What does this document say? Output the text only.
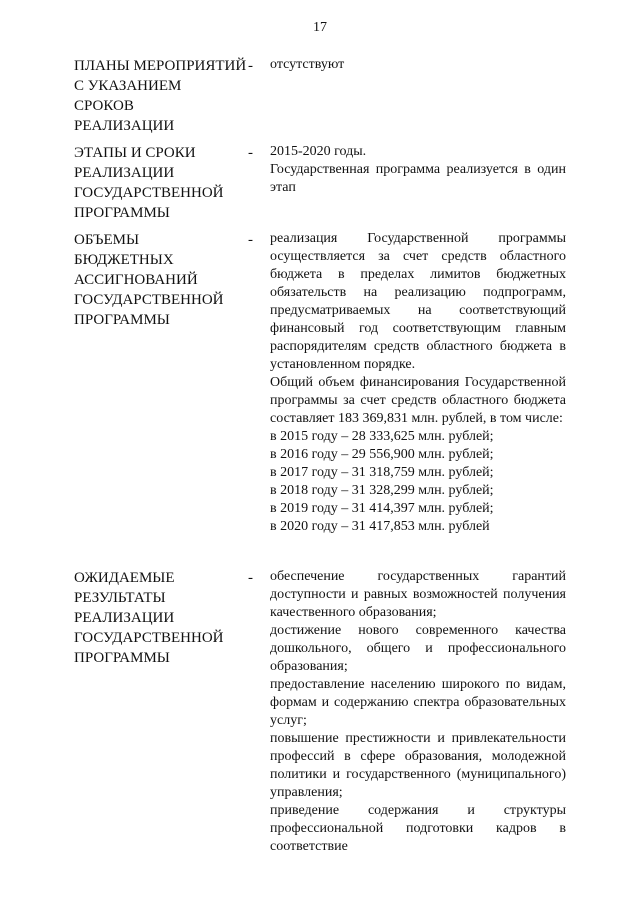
17
ПЛАНЫ МЕРОПРИЯТИЙ
С УКАЗАНИЕМ
СРОКОВ
РЕАЛИЗАЦИИ
- отсутствуют

ЭТАПЫ И СРОКИ
РЕАЛИЗАЦИИ
ГОСУДАРСТВЕННОЙ
ПРОГРАММЫ
- 2015-2020 годы.

Государственная программа реализуется в один этап

ОБЪЕМЫ
БЮДЖЕТНЫХ
АССИГНОВАНИЙ
ГОСУДАРСТВЕННОЙ
ПРОГРАММЫ
- реализация Государственной программы осуществляется за счет средств областного бюджета в пределах лимитов бюджетных обязательств на реализацию подпрограмм, предусматриваемых на соответствующий финансовый год соответствующим главным распорядителям средств областного бюджета в установленном порядке.

Общий объем финансирования Государственной программы за счет средств областного бюджета составляет 183 369,831 млн. рублей, в том числе:

в 2015 году – 28 333,625 млн. рублей;
в 2016 году – 29 556,900 млн. рублей;
в 2017 году – 31 318,759 млн. рублей;
в 2018 году – 31 328,299 млн. рублей;
в 2019 году – 31 414,397 млн. рублей;
в 2020 году – 31 417,853 млн. рублей
ОЖИДАЕМЫЕ
РЕЗУЛЬТАТЫ
РЕАЛИЗАЦИИ
ГОСУДАРСТВЕННОЙ
ПРОГРАММЫ
- обеспечение государственных гарантий доступности и равных возможностей получения качественного образования;

достижение нового современного качества дошкольного, общего и профессионального образования;

предоставление населению широкого по видам, формам и содержанию спектра образовательных услуг;

повышение престижности и привлекательности профессий в сфере образования, молодежной политики и государственного (муниципального) управления;

приведение содержания и структуры профессиональной подготовки кадров в соответствие
